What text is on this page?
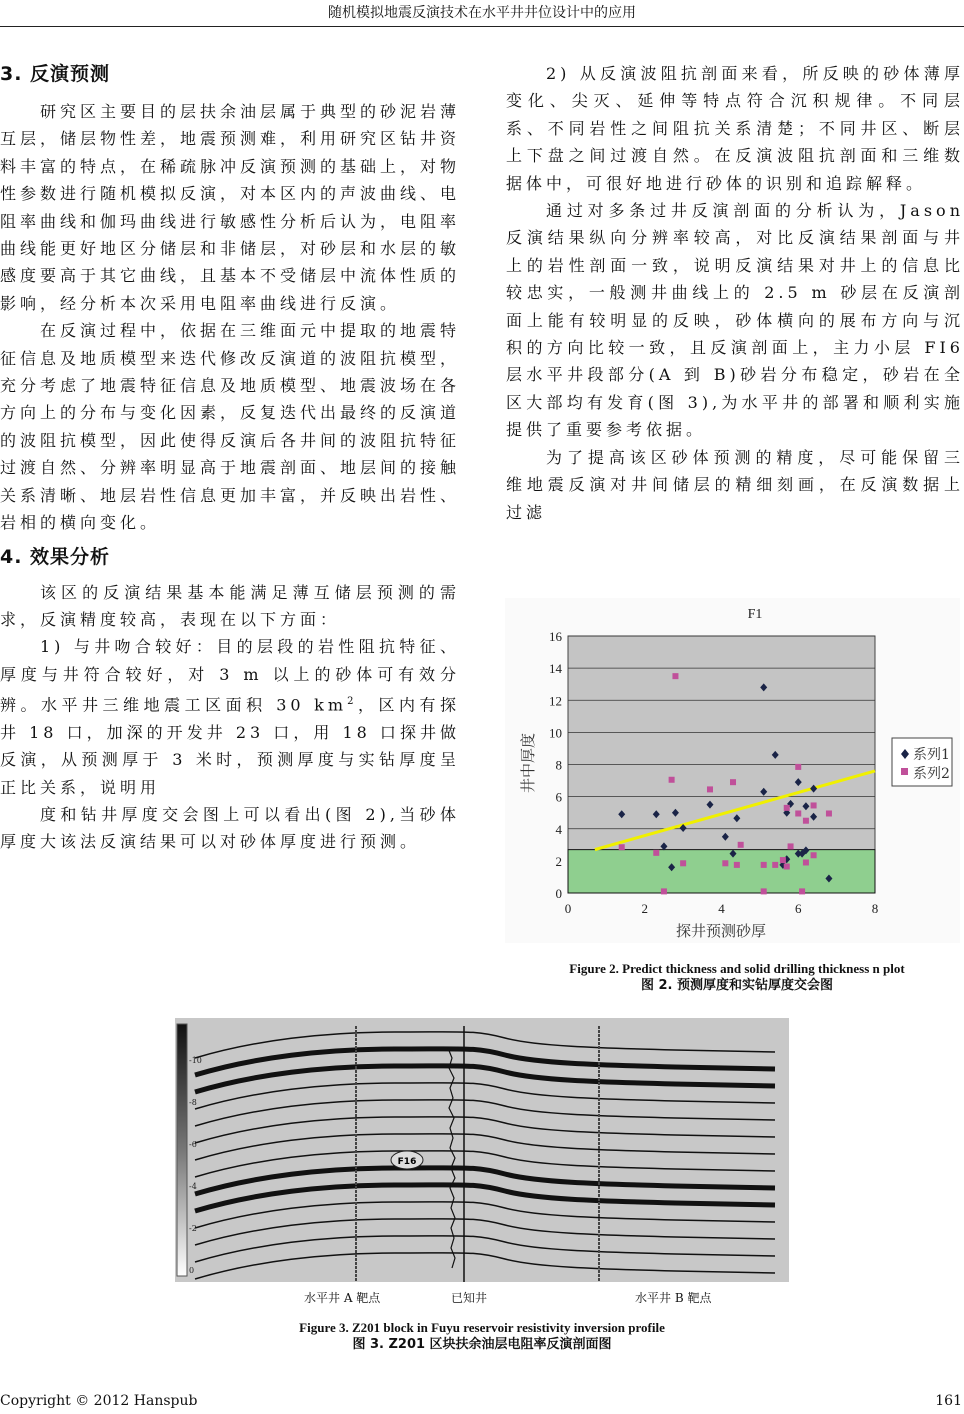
随机模拟地震反演技术在水平井井位设计中的应用
3. 反演预测

研究区主要目的层扶余油层属于典型的砂泥岩薄互层，储层物性差，地震预测难，利用研究区钻井资料丰富的特点，在稀疏脉冲反演预测的基础上，对物性参数进行随机模拟反演，对本区内的声波曲线、电阻率曲线和伽玛曲线进行敏感性分析后认为，电阻率曲线能更好地区分储层和非储层，对砂层和水层的敏感度要高于其它曲线，且基本不受储层中流体性质的影响，经分析本次采用电阻率曲线进行反演。

在反演过程中，依据在三维面元中提取的地震特征信息及地质模型来迭代修改反演道的波阻抗模型，充分考虑了地震特征信息及地质模型、地震波场在各方向上的分布与变化因素，反复迭代出最终的反演道的波阻抗模型，因此使得反演后各井间的波阻抗特征过渡自然、分辨率明显高于地震剖面、地层间的接触关系清晰、地层岩性信息更加丰富，并反映出岩性、岩相的横向变化。

4. 效果分析

该区的反演结果基本能满足薄互储层预测的需求，反演精度较高，表现在以下方面：

1) 与井吻合较好：目的层段的岩性阻抗特征、厚度与井符合较好，对 3 m 以上的砂体可有效分辨。水平井三维地震工区面积 30 $km^2$，区内有探井 18 口，加深的开发井 23 口，用 18 口探井做反演，从预测厚于 3 米时，预测厚度与实钻厚度呈正比关系，说明用

度和钻井厚度交会图上可以看出(图 2),当砂体厚度大该法反演结果可以对砂体厚度进行预测。

2) 从反演波阻抗剖面来看，所反映的砂体薄厚变化、尖灭、延伸等特点符合沉积规律。不同层系、不同岩性之间阻抗关系清楚；不同井区、断层上下盘之间过渡自然。在反演波阻抗剖面和三维数据体中，可很好地进行砂体的识别和追踪解释。

通过对多条过井反演剖面的分析认为，Jason 反演结果纵向分辨率较高，对比反演结果剖面与井上的岩性剖面一致，说明反演结果对井上的信息比较忠实，一般测井曲线上的 2.5 m 砂层在反演剖面上能有较明显的反映，砂体横向的展布方向与沉积的方向比较一致，且反演剖面上，主力小层 FI6 层水平井段部分(A 到 B)砂岩分布稳定，砂岩在全区大部均有发育(图 3),为水平井的部署和顺利实施提供了重要参考依据。

为了提高该区砂体预测的精度，尽可能保留三维地震反演对井间储层的精细刻画，在反演数据上过滤

F1
0
2
4
6
8
10
12
14
16
0	2	4	6	8
探井预测砂厚
井中厚度	系列1
系列2
Figure 2. Predict thickness and solid drilling thickness n plot
图 2. 预测厚度和实钻厚度交会图
-10
-8
-6
-4
-2
0
F16
水平井 A 靶点	已知井	水平井 B 靶点
Figure 3. Z201 block in Fuyu reservoir resistivity inversion profile
图 3. Z201 区块扶余油层电阻率反演剖面图
Copyright © 2012 Hanspub	161
